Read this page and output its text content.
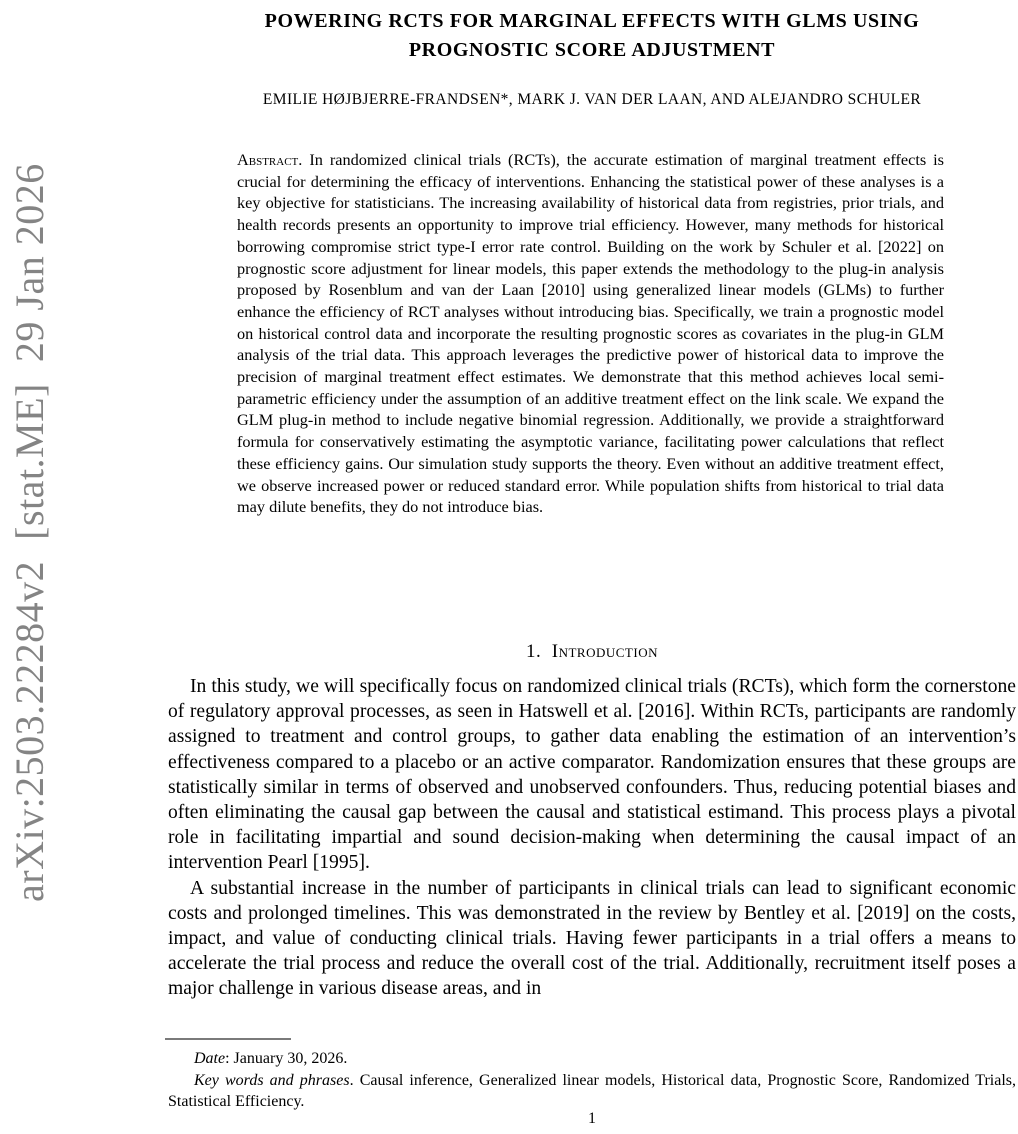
arXiv:2503.22284v2  [stat.ME]  29 Jan 2026
POWERING RCTS FOR MARGINAL EFFECTS WITH GLMS USING
PROGNOSTIC SCORE ADJUSTMENT
EMILIE HØJBJERRE-FRANDSEN*, MARK J. VAN DER LAAN, AND ALEJANDRO SCHULER

Abstract. In randomized clinical trials (RCTs), the accurate estimation of marginal treatment effects is crucial for determining the efficacy of interventions. Enhancing the statistical power of these analyses is a key objective for statisticians. The increasing availability of historical data from registries, prior trials, and health records presents an opportunity to improve trial efficiency. However, many methods for historical borrowing compromise strict type-I error rate control. Building on the work by Schuler et al. [2022] on prognostic score adjustment for linear models, this paper extends the methodology to the plug-in analysis proposed by Rosenblum and van der Laan [2010] using generalized linear models (GLMs) to further enhance the efficiency of RCT analyses without introducing bias. Specifically, we train a prognostic model on historical control data and incorporate the resulting prognostic scores as covariates in the plug-in GLM analysis of the trial data. This approach leverages the predictive power of historical data to improve the precision of marginal treatment effect estimates. We demonstrate that this method achieves local semi-parametric efficiency under the assumption of an additive treatment effect on the link scale. We expand the GLM plug-in method to include negative binomial regression. Additionally, we provide a straightforward formula for conservatively estimating the asymptotic variance, facilitating power calculations that reflect these efficiency gains. Our simulation study supports the theory. Even without an additive treatment effect, we observe increased power or reduced standard error. While population shifts from historical to trial data may dilute benefits, they do not introduce bias.

1.  Introduction

In this study, we will specifically focus on randomized clinical trials (RCTs), which form the cornerstone of regulatory approval processes, as seen in Hatswell et al. [2016]. Within RCTs, participants are randomly assigned to treatment and control groups, to gather data enabling the estimation of an intervention’s effectiveness compared to a placebo or an active comparator. Randomization ensures that these groups are statistically similar in terms of observed and unobserved confounders. Thus, reducing potential biases and often eliminating the causal gap between the causal and statistical estimand. This process plays a pivotal role in facilitating impartial and sound decision-making when determining the causal impact of an intervention Pearl [1995].

A substantial increase in the number of participants in clinical trials can lead to significant economic costs and prolonged timelines. This was demonstrated in the review by Bentley et al. [2019] on the costs, impact, and value of conducting clinical trials. Having fewer participants in a trial offers a means to accelerate the trial process and reduce the overall cost of the trial. Additionally, recruitment itself poses a major challenge in various disease areas, and in

Date: January 30, 2026.

Key words and phrases. Causal inference, Generalized linear models, Historical data, Prognostic Score, Randomized Trials, Statistical Efficiency.

1
